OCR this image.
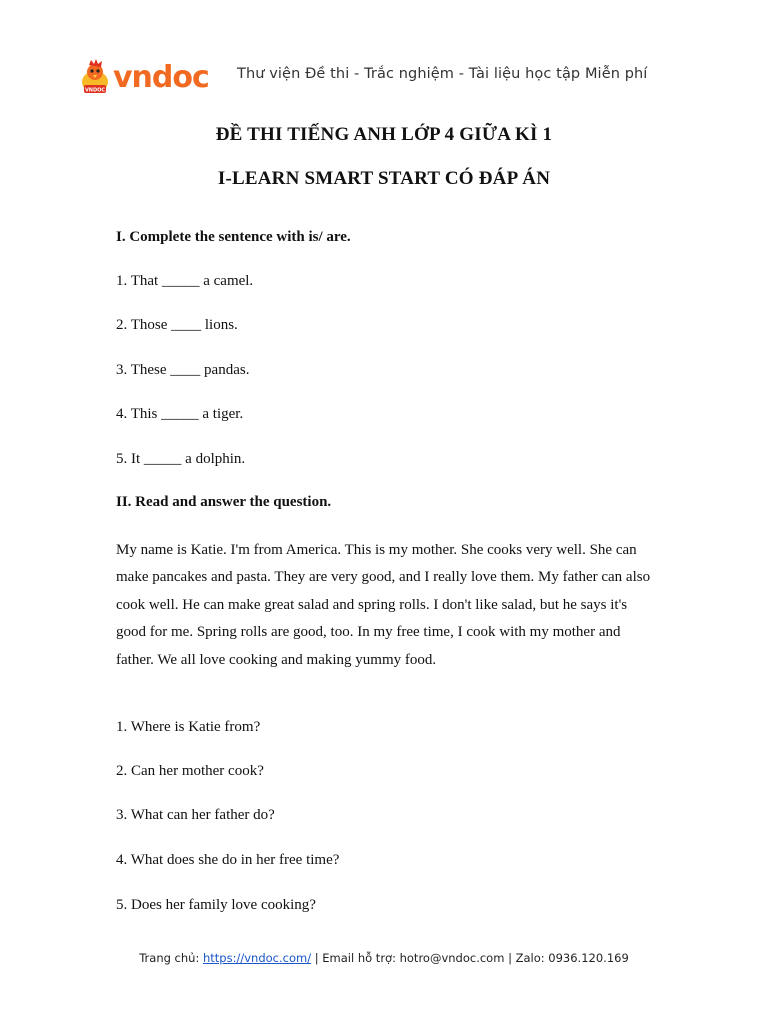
VNDOC vndoc Thư viện Đề thi - Trắc nghiệm - Tài liệu học tập Miễn phí
ĐỀ THI TIẾNG ANH LỚP 4 GIỮA KÌ 1
I-LEARN SMART START CÓ ĐÁP ÁN
I. Complete the sentence with is/ are.
1. That _____ a camel.
2. Those ____ lions.
3. These ____ pandas.
4. This _____ a tiger.
5. It _____ a dolphin.
II. Read and answer the question.
My name is Katie. I'm from America. This is my mother. She cooks very well. She can make pancakes and pasta. They are very good, and I really love them. My father can also cook well. He can make great salad and spring rolls. I don't like salad, but he says it's good for me. Spring rolls are good, too. In my free time, I cook with my mother and father. We all love cooking and making yummy food.
1. Where is Katie from?
2. Can her mother cook?
3. What can her father do?
4. What does she do in her free time?
5. Does her family love cooking?
Trang chủ: https://vndoc.com/ | Email hỗ trợ: hotro@vndoc.com | Zalo: 0936.120.169
